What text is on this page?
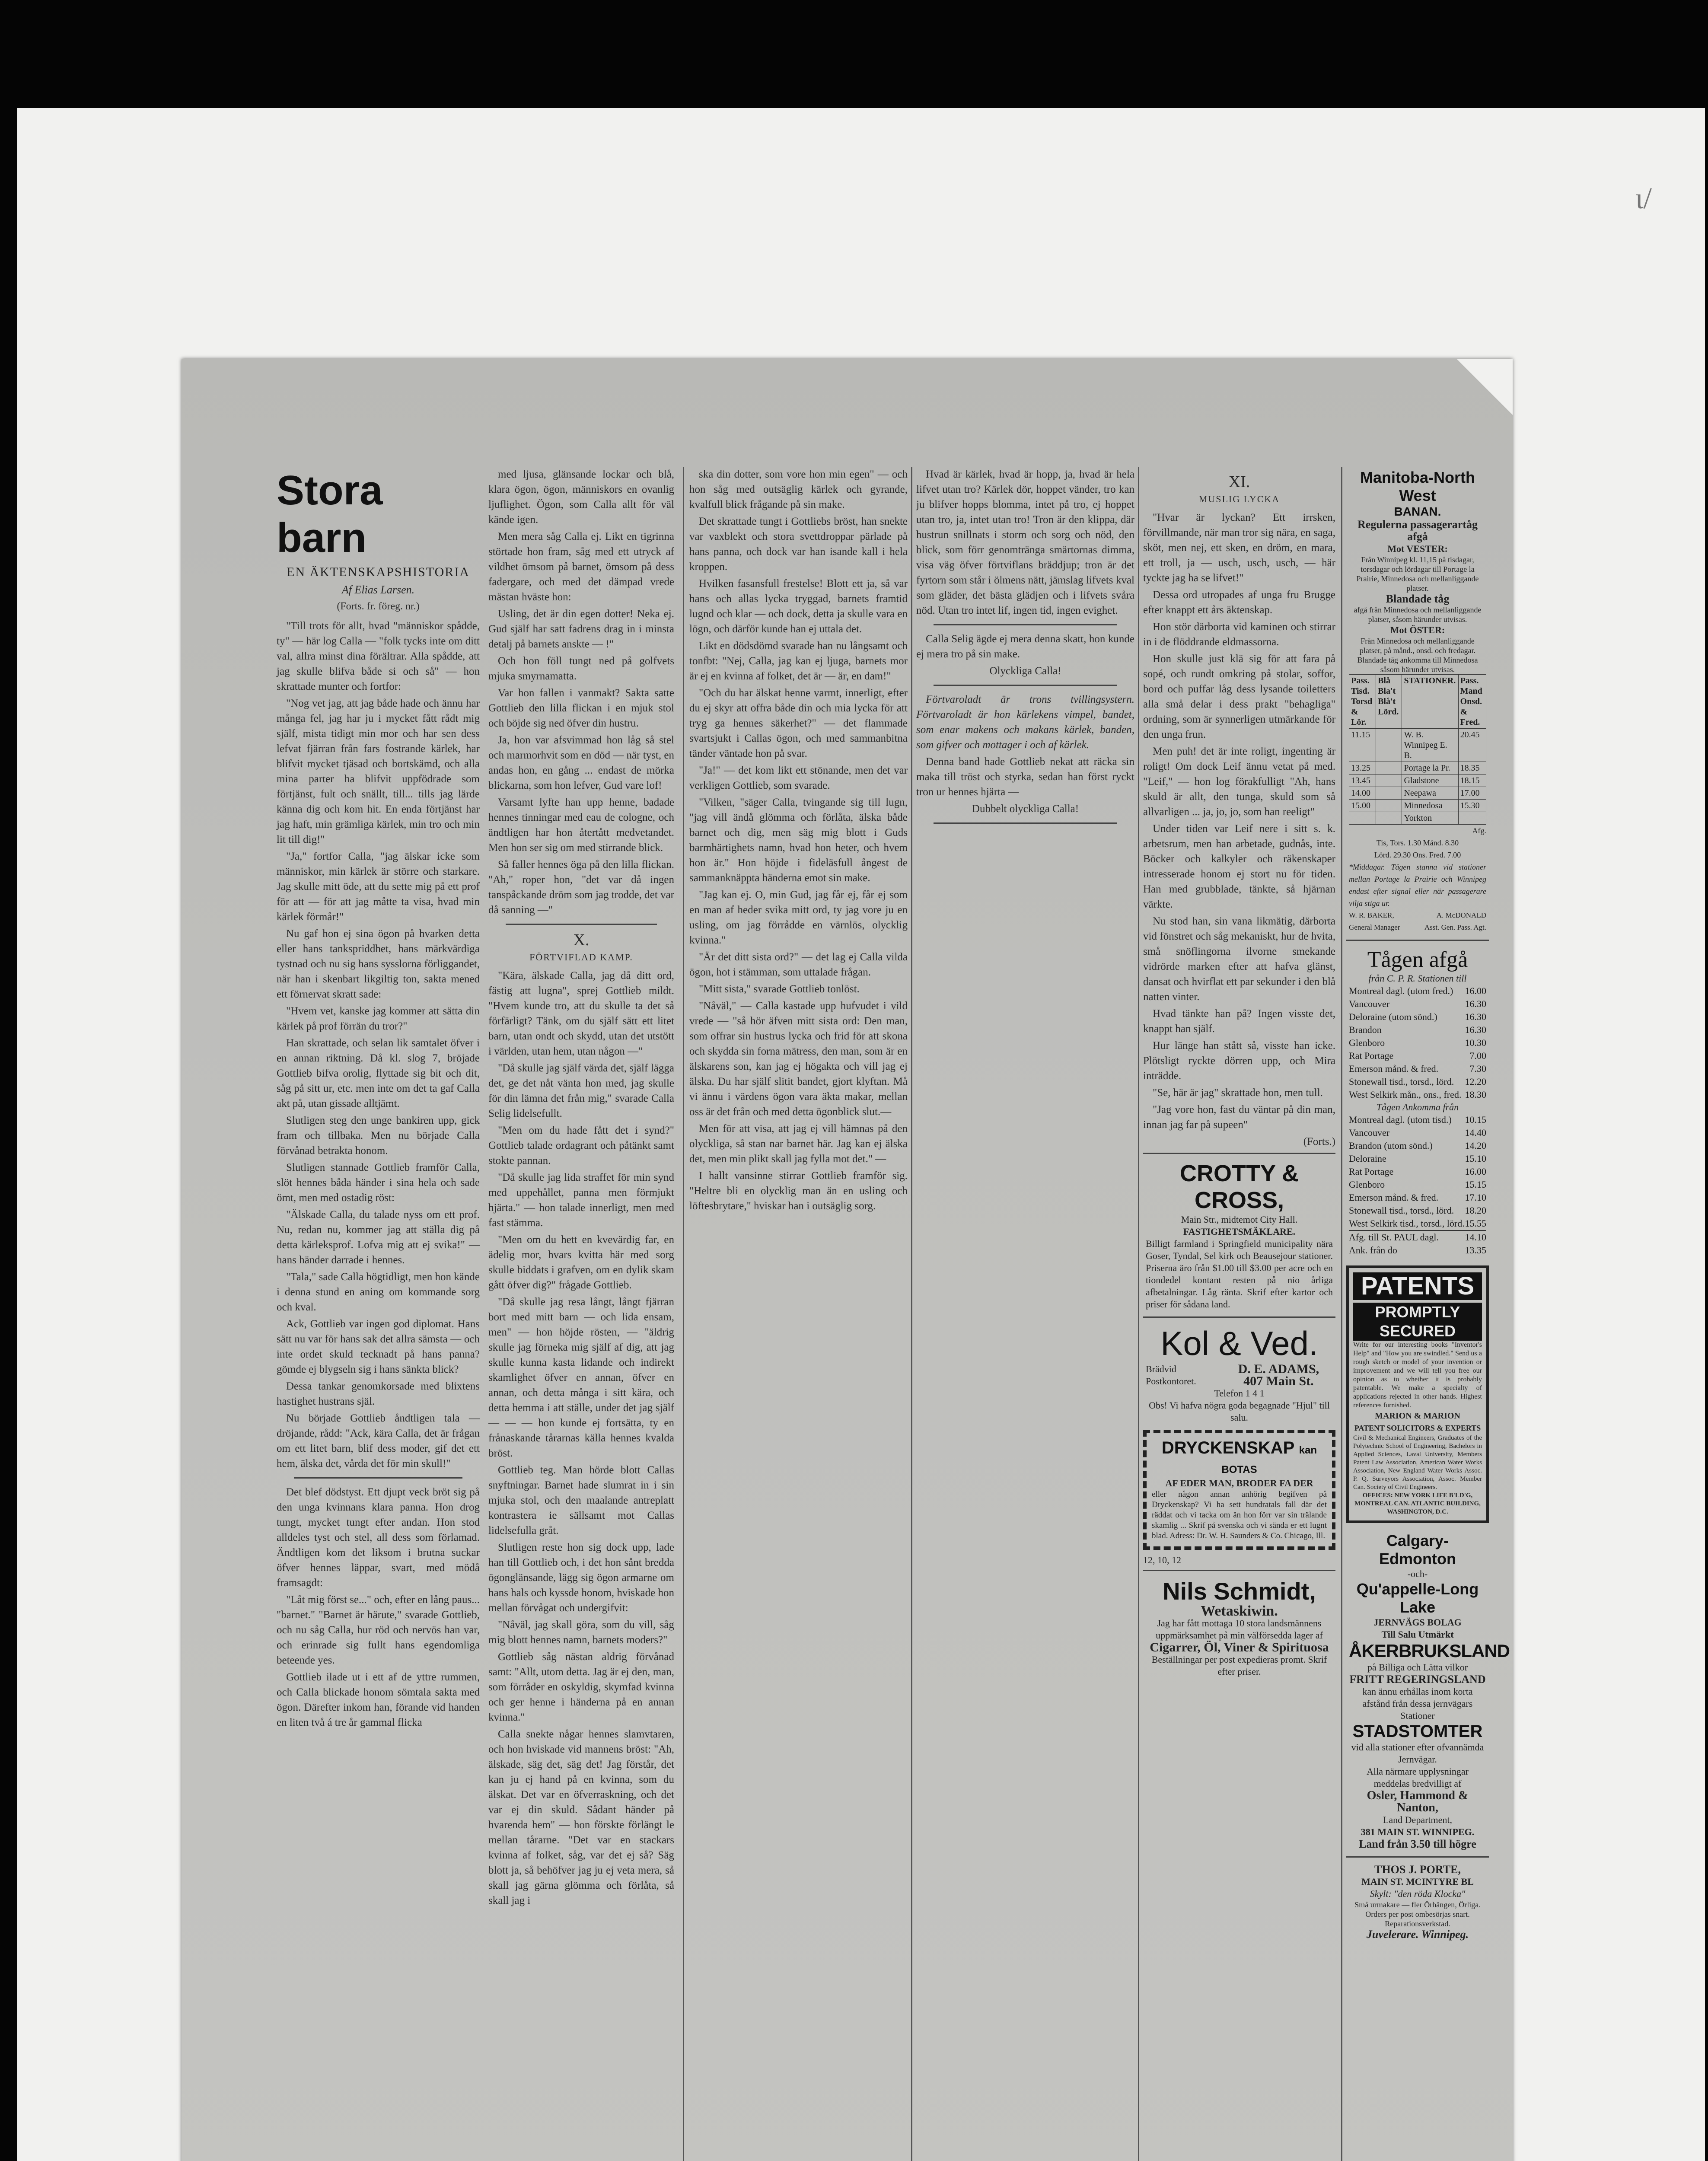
ɩ/
Stora barn
EN ÄKTENSKAPSHISTORIA
Af Elias Larsen.
(Forts. fr. föreg. nr.)

"Till trots för allt, hvad "människor spådde, ty" — här log Calla — "folk tycks inte om ditt val, allra minst dina förältrar. Alla spådde, att jag skulle blifva både si och så" — hon skrattade munter och fortfor:

"Nog vet jag, att jag både hade och ännu har många fel, jag har ju i mycket fått rådt mig själf, mista tidigt min mor och har sen dess lefvat fjärran från fars fostrande kärlek, har blifvit mycket tjäsad och bortskämd, och alla mina parter ha blifvit uppfödrade som förtjänst, fult och snällt, till... tills jag lärde känna dig och kom hit. En enda förtjänst har jag haft, min grämliga kärlek, min tro och min lit till dig!"

"Ja," fortfor Calla, "jag älskar icke som människor, min kärlek är större och starkare. Jag skulle mitt öde, att du sette mig på ett prof för att — för att jag måtte ta visa, hvad min kärlek förmår!"

Nu gaf hon ej sina ögon på hvarken detta eller hans tankspriddhet, hans märkvärdiga tystnad och nu sig hans sysslorna förliggandet, när han i skenbart likgiltig ton, sakta mened ett förnervat skratt sade:

"Hvem vet, kanske jag kommer att sätta din kärlek på prof förrän du tror?"

Han skrattade, och selan lik samtalet öfver i en annan riktning. Då kl. slog 7, bröjade Gottlieb bifva orolig, flyttade sig bit och dit, såg på sitt ur, etc. men inte om det ta gaf Calla akt på, utan gissade alltjämt.

Slutligen steg den unge bankiren upp, gick fram och tillbaka. Men nu började Calla förvånad betrakta honom.

Slutligen stannade Gottlieb framför Calla, slöt hennes båda händer i sina hela och sade ömt, men med ostadig röst:

"Älskade Calla, du talade nyss om ett prof. Nu, redan nu, kommer jag att ställa dig på detta kärleksprof. Lofva mig att ej svika!" — hans händer darrade i hennes.

"Tala," sade Calla högtidligt, men hon kände i denna stund en aning om kommande sorg och kval.

Ack, Gottlieb var ingen god diplomat. Hans sätt nu var för hans sak det allra sämsta — och inte ordet skuld tecknadt på hans panna? gömde ej blygseln sig i hans sänkta blick?

Dessa tankar genomkorsade med blixtens hastighet hustrans själ.

Nu började Gottlieb åndtligen tala — dröjande, rådd: "Ack, kära Calla, det är frågan om ett litet barn, blif dess moder, gif det ett hem, älska det, vårda det för min skull!"

Det blef dödstyst. Ett djupt veck bröt sig på den unga kvinnans klara panna. Hon drog tungt, mycket tungt efter andan. Hon stod alldeles tyst och stel, all dess som förlamad. Ändtligen kom det liksom i brutna suckar öfver hennes läppar, svart, med mödå framsagdt:

"Låt mig först se..." och, efter en lång paus... "barnet." "Barnet är härute," svarade Gottlieb, och nu såg Calla, hur röd och nervös han var, och erinrade sig fullt hans egendomliga beteende yes.

Gottlieb ilade ut i ett af de yttre rummen, och Calla blickade honom sömtala sakta med ögon. Därefter inkom han, förande vid handen en liten två á tre år gammal flicka

med ljusa, glänsande lockar och blå, klara ögon, ögon, människors en ovanlig ljuflighet. Ögon, som Calla allt för väl kände igen.

Men mera såg Calla ej. Likt en tigrinna störtade hon fram, såg med ett utryck af vildhet ömsom på barnet, ömsom på dess fadergare, och med det dämpad vrede mästan hväste hon:

Usling, det är din egen dotter! Neka ej. Gud själf har satt fadrens drag in i minsta detalj på barnets anskte — !"

Och hon föll tungt ned på golfvets mjuka smyrnamatta.

Var hon fallen i vanmakt? Sakta satte Gottlieb den lilla flickan i en mjuk stol och böjde sig ned öfver din hustru.

Ja, hon var afsvimmad hon låg så stel och marmorhvit som en död — när tyst, en andas hon, en gång ... endast de mörka blickarna, som hon lefver, Gud vare lof!

Varsamt lyfte han upp henne, badade hennes tinningar med eau de cologne, och ändtligen har hon återtått medvetandet. Men hon ser sig om med stirrande blick.

Så faller hennes öga på den lilla flickan. "Ah," roper hon, "det var då ingen tanspåckande dröm som jag trodde, det var då sanning —"

X.
FÖRTVIFLAD KAMP.

"Kära, älskade Calla, jag då ditt ord, fästig att lugna", sprej Gottlieb mildt. "Hvem kunde tro, att du skulle ta det så förfärligt? Tänk, om du själf sätt ett litet barn, utan ondt och skydd, utan det utstött i världen, utan hem, utan någon —"

"Då skulle jag själf värda det, själf lägga det, ge det nåt vänta hon med, jag skulle för din lämna det från mig," svarade Calla Selig lidelsefullt.

"Men om du hade fått det i synd?" Gottlieb talade ordagrant och påtänkt samt stokte pannan.

"Då skulle jag lida straffet för min synd med uppehållet, panna men förmjukt hjärta." — hon talade innerligt, men med fast stämma.

"Men om du hett en kvevärdig far, en ädelig mor, hvars kvitta här med sorg skulle biddats i grafven, om en dylik skam gått öfver dig?" frågade Gottlieb.

"Då skulle jag resa långt, långt fjärran bort med mitt barn — och lida ensam, men" — hon höjde rösten, — "äldrig skulle jag förneka mig själf af dig, att jag skulle kunna kasta lidande och indirekt skamlighet öfver en annan, öfver en annan, och detta många i sitt kära, och detta hemma i att ställe, under det jag själf — — — hon kunde ej fortsätta, ty en frånaskande tårarnas källa hennes kvalda bröst.

Gottlieb teg. Man hörde blott Callas snyftningar. Barnet hade slumrat in i sin mjuka stol, och den maalande antreplatt kontrastera ie sällsamt mot Callas lidelsefulla gråt.

Slutligen reste hon sig dock upp, lade han till Gottlieb och, i det hon sånt bredda ögonglänsande, lägg sig ögon armarne om hans hals och kyssde honom, hviskade hon mellan förvågat och undergifvit:

"Nåväl, jag skall göra, som du vill, såg mig blott hennes namn, barnets moders?"

Gottlieb såg nästan aldrig förvånad samt: "Allt, utom detta. Jag är ej den, man, som förråder en oskyldig, skymfad kvinna och ger henne i händerna på en annan kvinna."

Calla snekte någar hennes slamvtaren, och hon hviskade vid mannens bröst: "Ah, älskade, säg det, säg det! Jag förstår, det kan ju ej hand på en kvinna, som du älskat. Det var en öfverraskning, och det var ej din skuld. Sådant händer på hvarenda hem" — hon förskte förlängt le mellan tårarne. "Det var en stackars kvinna af folket, såg, var det ej så? Säg blott ja, så behöfver jag ju ej veta mera, så skall jag gärna glömma och förlåta, så skall jag i

ska din dotter, som vore hon min egen" — och hon såg med outsäglig kärlek och gyrande, kvalfull blick frågande på sin make.

Det skrattade tungt i Gottliebs bröst, han snekte var vaxblekt och stora svettdroppar pärlade på hans panna, och dock var han isande kall i hela kroppen.

Hvilken fasansfull frestelse! Blott ett ja, så var hans och allas lycka tryggad, barnets framtid lugnd och klar — och dock, detta ja skulle vara en lögn, och därför kunde han ej uttala det.

Likt en dödsdömd svarade han nu långsamt och tonfbt: "Nej, Calla, jag kan ej ljuga, barnets mor är ej en kvinna af folket, det är — är, en dam!"

"Och du har älskat henne varmt, innerligt, efter du ej skyr att offra både din och mia lycka för att tryg ga hennes säkerhet?" — det flammade svartsjukt i Callas ögon, och med sammanbitna tänder väntade hon på svar.

"Ja!" — det kom likt ett stönande, men det var verkligen Gottlieb, som svarade.

"Vilken, "säger Calla, tvingande sig till lugn, "jag vill ändå glömma och förlåta, älska både barnet och dig, men säg mig blott i Guds barmhärtighets namn, hvad hon heter, och hvem hon är." Hon höjde i fideläsfull ångest de sammanknäppta händerna emot sin make.

"Jag kan ej. O, min Gud, jag får ej, får ej som en man af heder svika mitt ord, ty jag vore ju en usling, om jag förrådde en värnlös, olycklig kvinna."

"Är det ditt sista ord?" — det lag ej Calla vilda ögon, hot i stämman, som uttalade frågan.

"Mitt sista," svarade Gottlieb tonlöst.

"Nåväl," — Calla kastade upp hufvudet i vild vrede — "så hör äfven mitt sista ord: Den man, som offrar sin hustrus lycka och frid för att skona och skydda sin forna mätress, den man, som är en älskarens son, kan jag ej högakta och vill jag ej älska. Du har själf slitit bandet, gjort klyftan. Må vi ännu i värdens ögon vara äkta makar, mellan oss är det från och med detta ögonblick slut.—

Men för att visa, att jag ej vill hämnas på den olyckliga, så stan nar barnet här. Jag kan ej älska det, men min plikt skall jag fylla mot det." —

I hallt vansinne stirrar Gottlieb framför sig. "Heltre bli en olycklig man än en usling och löftesbrytare," hviskar han i outsäglig sorg.

Hvad är kärlek, hvad är hopp, ja, hvad är hela lifvet utan tro? Kärlek dör, hoppet vänder, tro kan ju blifver hopps blomma, intet på tro, ej hoppet utan tro, ja, intet utan tro! Tron är den klippa, där hustrun snillnats i storm och sorg och nöd, den blick, som förr genomtränga smärtornas dimma, visa väg öfver förtviflans bräddjup; tron är det fyrtorn som står i ölmens nätt, jämslag lifvets kval som gläder, det bästa glädjen och i lifvets svåra nöd. Utan tro intet lif, ingen tid, ingen evighet.

Calla Selig ägde ej mera denna skatt, hon kunde ej mera tro på sin make.

Olyckliga Calla!

Förtvaroladt är trons tvillingsystern. Förtvaroladt är hon kärlekens vimpel, bandet, som enar makens och makans kärlek, banden, som gifver och mottager i och af kärlek.

Denna band hade Gottlieb nekat att räcka sin maka till tröst och styrka, sedan han först ryckt tron ur hennes hjärta —

Dubbelt olyckliga Calla!

XI.
MUSLIG LYCKA

"Hvar är lyckan? Ett irrsken, förvillmande, när man tror sig nära, en saga, sköt, men nej, ett sken, en dröm, en mara, ett troll, ja — usch, usch, usch, — här tyckte jag ha se lifvet!"

Dessa ord utropades af unga fru Brugge efter knappt ett års äktenskap.

Hon stör därborta vid kaminen och stirrar in i de flöddrande eldmassorna.

Hon skulle just klä sig för att fara på sopé, och rundt omkring på stolar, soffor, bord och puffar låg dess lysande toiletters alla små delar i dess prakt "behagliga" ordning, som är synnerligen utmärkande för den unga frun.

Men puh! det är inte roligt, ingenting är roligt! Om dock Leif ännu vetat på med. "Leif," — hon log förakfulligt "Ah, hans skuld är allt, den tunga, skuld som så allvarligen ... ja, jo, jo, som han reeligt"

Under tiden var Leif nere i sitt s. k. arbetsrum, men han arbetade, gudnås, inte. Böcker och kalkyler och räkenskaper intresserade honom ej stort nu för tiden. Han med grubblade, tänkte, så hjärnan värkte.

Nu stod han, sin vana likmätig, därborta vid fönstret och såg mekaniskt, hur de hvita, små snöflingorna ilvorne smekande vidrörde marken efter att hafva glänst, dansat och hvirflat ett par sekunder i den blå natten vinter.

Hvad tänkte han på? Ingen visste det, knappt han själf.

Hur länge han stått så, visste han icke. Plötsligt ryckte dörren upp, och Mira inträdde.

"Se, här är jag" skrattade hon, men tull.

"Jag vore hon, fast du väntar på din man, innan jag far på supeen"

(Forts.)

CROTTY & CROSS,
Main Str., midtemot City Hall.
FASTIGHETSMÄKLARE.
Billigt farmland i Springfield municipality nära Goser, Tyndal, Sel kirk och Beausejour stationer. Priserna äro från $1.00 till $3.00 per acre och en tiondedel kontant resten på nio årliga afbetalningar. Låg ränta. Skrif efter kartor och priser för sådana land.
Kol & Ved.
Brädvid Postkontoret.
D. E. ADAMS,
407 Main St.
Telefon 1 4 1
Obs! Vi hafva nögra goda begagnade "Hjul" till salu.
DRYCKENSKAP kan BOTAS
AF EDER MAN, BRODER FA DER
eller någon annan anhörig begifven på Dryckenskap? Vi ha sett hundratals fall där det räddat och vi tacka om än hon förr var sin trälande skamlig ... Skrif på svenska och vi sända er ett lugnt blad. Adress: Dr. W. H. Saunders & Co. Chicago, Ill.
12, 10, 12
Nils Schmidt,
Wetaskiwin.
Jag har fått mottaga 10 stora landsmännens uppmärksamhet på min välförsedda lager af
Cigarrer, Öl, Viner & Spirituosa
Beställningar per post expedieras promt. Skrif efter priser.
Manitoba-North West
BANAN.
Regulerna passagerartåg afgå
Mot VESTER:
Från Winnipeg kl. 11,15 på tisdagar, torsdagar och lördagar till Portage la Prairie, Minnedosa och mellanliggande platser.
Blandade tåg
afgå från Minnedosa och mellanliggande platser, såsom härunder utvisas.
Mot ÖSTER:
Från Minnedosa och mellanliggande platser, på månd., onsd. och fredagar. Blandade tåg ankomma till Minnedosa såsom härunder utvisas.
Pass. Tisd. Torsd & Lör.	Blå Bla't Blå't Lörd.	STATIONER.	Pass. Mand Onsd. & Fred.
11.15		W. B. Winnipeg E. B.	20.45
13.25		Portage la Pr.	18.35
13.45		Gladstone	18.15
14.00		Neepawa	17.00
15.00		Minnedosa	15.30
		Yorkton	
Afg.
Tis, Tors. 1.30 Månd. 8.30
Lörd. 29.30 Ons. Fred. 7.00
*Middagar. Tågen stanna vid stationer mellan Portage la Prairie och Winnipeg endast efter signal eller när passagerare vilja stiga ur.
W. R. BAKER,
General Manager
A. McDONALD
Asst. Gen. Pass. Agt.
Tågen afgå
från C. P. R. Stationen till
Montreal dagl. (utom fred.)	16.00
Vancouver	16.30
Deloraine (utom sönd.)	16.30
Brandon	16.30
Glenboro	10.30
Rat Portage	7.00
Emerson månd. & fred.	7.30
Stonewall tisd., torsd., lörd.	12.20
West Selkirk mån., ons., fred.	18.30
Tågen Ankomma från
Montreal dagl. (utom tisd.)	10.15
Vancouver	14.40
Brandon (utom sönd.)	14.20
Deloraine	15.10
Rat Portage	16.00
Glenboro	15.15
Emerson månd. & fred.	17.10
Stonewall tisd., torsd., lörd.	18.20
West Selkirk tisd., torsd., lörd.	15.55
Afg. till St. PAUL dagl.	14.10
Ank. från do	13.35
PATENTS
PROMPTLY SECURED
Write for our interesting books "Inventor's Help" and "How you are swindled." Send us a rough sketch or model of your invention or improvement and we will tell you free our opinion as to whether it is probably patentable. We make a specialty of applications rejected in other hands. Highest references furnished.
MARION & MARION
PATENT SOLICITORS & EXPERTS
Civil & Mechanical Engineers, Graduates of the Polytechnic School of Engineering, Bachelors in Applied Sciences, Laval University, Members Patent Law Association, American Water Works Association, New England Water Works Assoc. P. Q. Surveyors Association, Assoc. Member Can. Society of Civil Engineers.
OFFICES: NEW YORK LIFE B'LD'G, MONTREAL CAN. ATLANTIC BUILDING, WASHINGTON, D.C.
Calgary-Edmonton
-och-
Qu'appelle-Long Lake
JERNVÄGS BOLAG
Till Salu Utmärkt
ÅKERBRUKSLAND
på Billiga och Lätta vilkor
FRITT REGERINGSLAND
kan ännu erhållas inom korta afstånd från dessa jernvägars Stationer
STADSTOMTER
vid alla stationer efter ofvannämda Jernvägar.
Alla närmare upplysningar meddelas bredvilligt af
Osler, Hammond & Nanton,
Land Department,
381 MAIN ST. WINNIPEG.
Land från 3.50 till högre
THOS J. PORTE,
MAIN ST. MCINTYRE BL
Skylt: "den röda Klocka"
Små urmakare — fler Örhängen, Örliga. Orders per post ombesörjas snart. Reparationsverkstad.
Juvelerare. Winnipeg.
